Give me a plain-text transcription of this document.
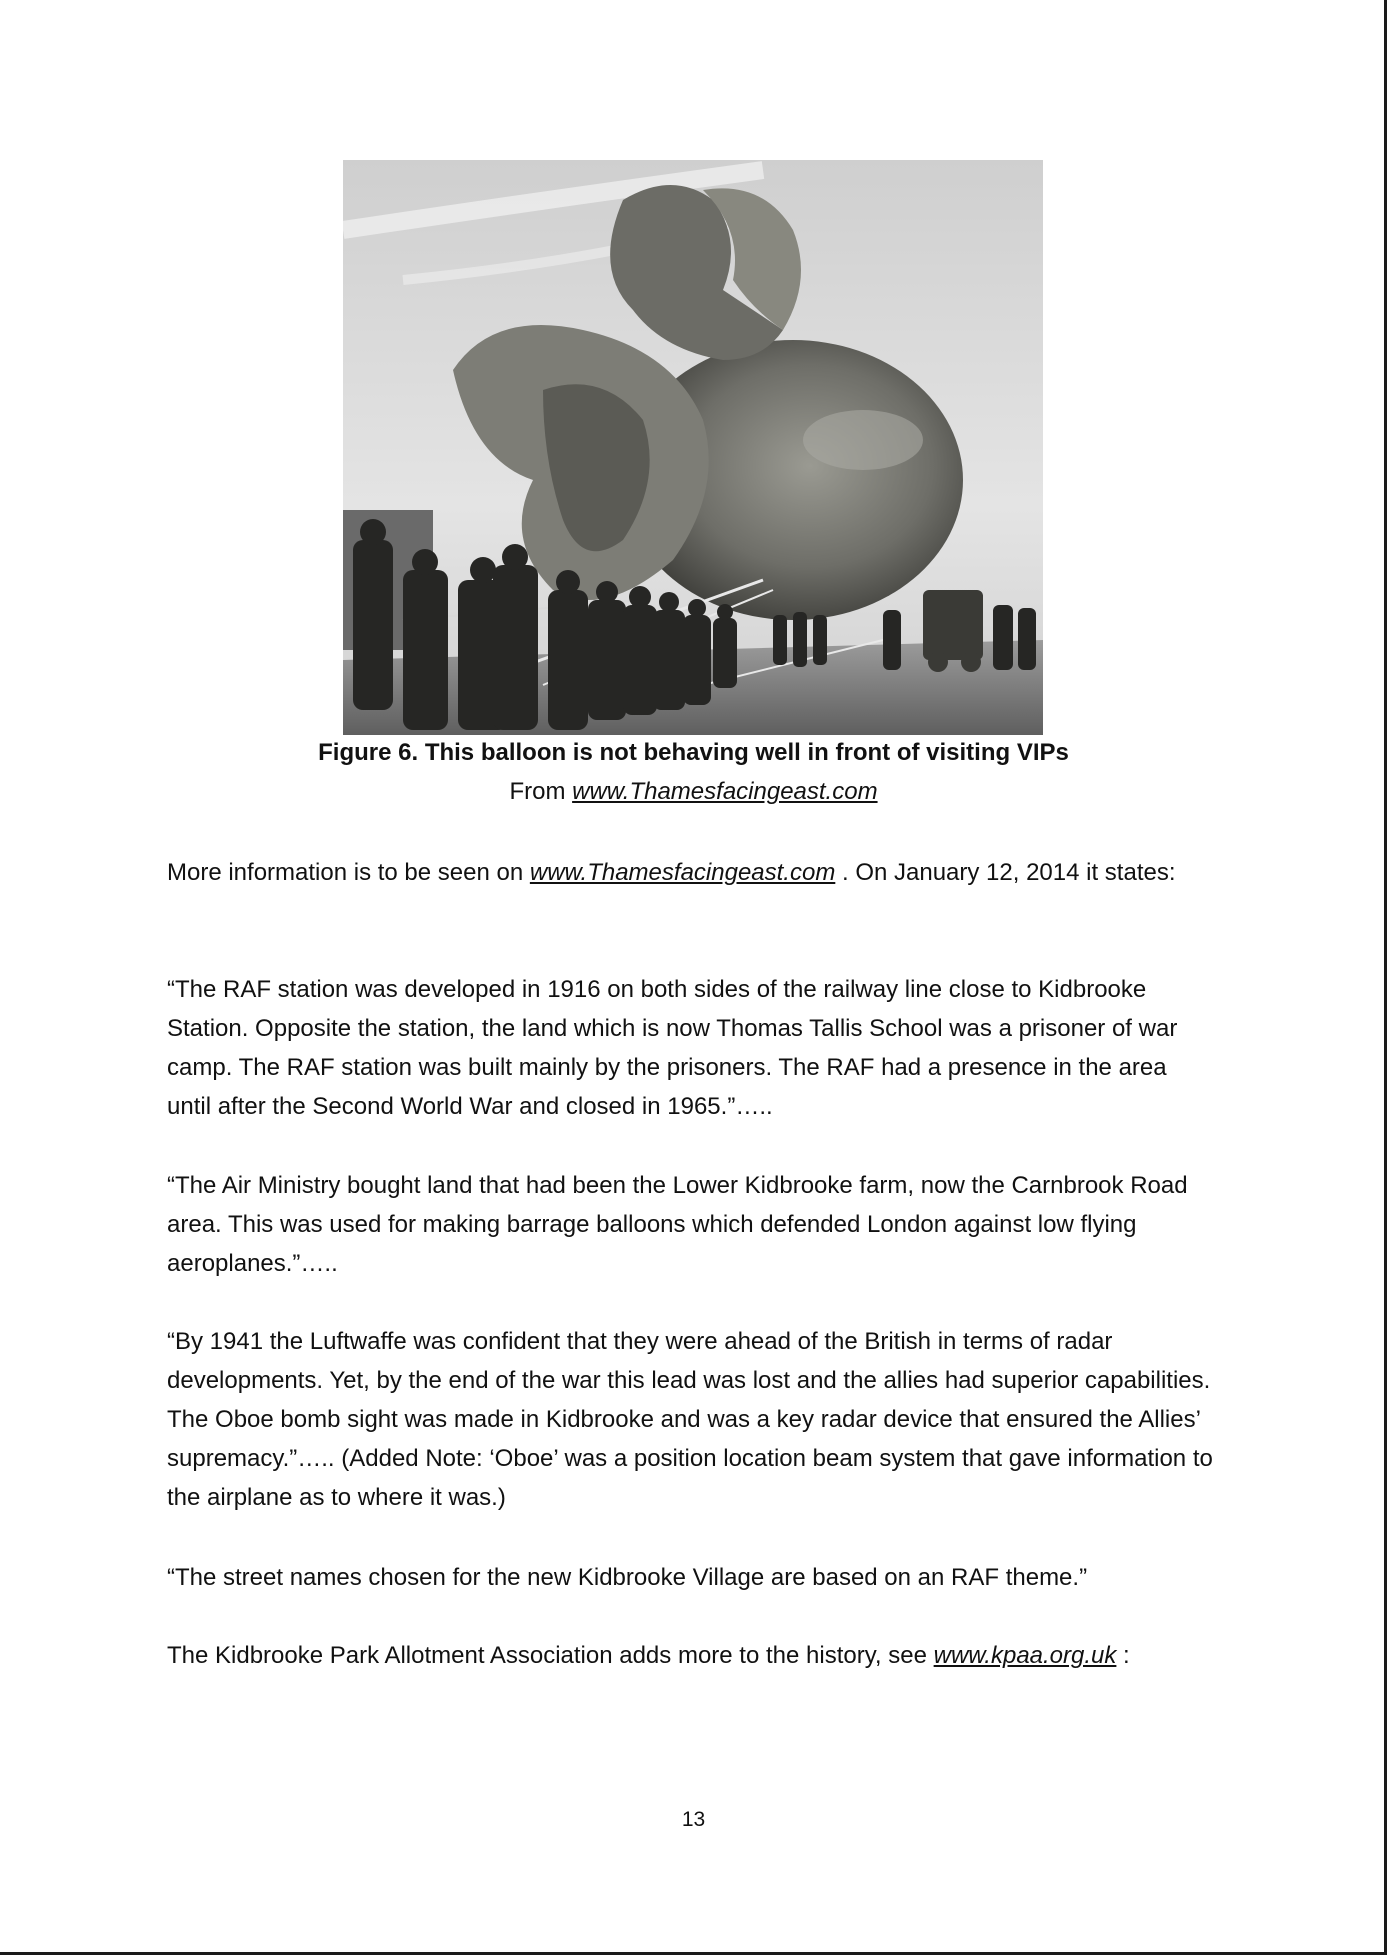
Figure 6. This balloon is not behaving well in front of visiting VIPs
From www.Thamesfacingeast.com
More information is to be seen on www.Thamesfacingeast.com . On January 12, 2014 it states:
“The RAF station was developed in 1916 on both sides of the railway line close to Kidbrooke Station. Opposite the station, the land which is now Thomas Tallis School was a prisoner of war camp. The RAF station was built mainly by the prisoners. The RAF had a presence in the area until after the Second World War and closed in 1965.”…..
“The Air Ministry bought land that had been the Lower Kidbrooke farm, now the Carnbrook Road area. This was used for making barrage balloons which defended London against low flying aeroplanes.”…..
“By 1941 the Luftwaffe was confident that they were ahead of the British in terms of radar developments. Yet, by the end of the war this lead was lost and the allies had superior capabilities. The Oboe bomb sight was made in Kidbrooke and was a key radar device that ensured the Allies’ supremacy.”….. (Added Note: ‘Oboe’ was a position location beam system that gave information to the airplane as to where it was.)
“The street names chosen for the new Kidbrooke Village are based on an RAF theme.”
The Kidbrooke Park Allotment Association adds more to the history, see www.kpaa.org.uk :
13
